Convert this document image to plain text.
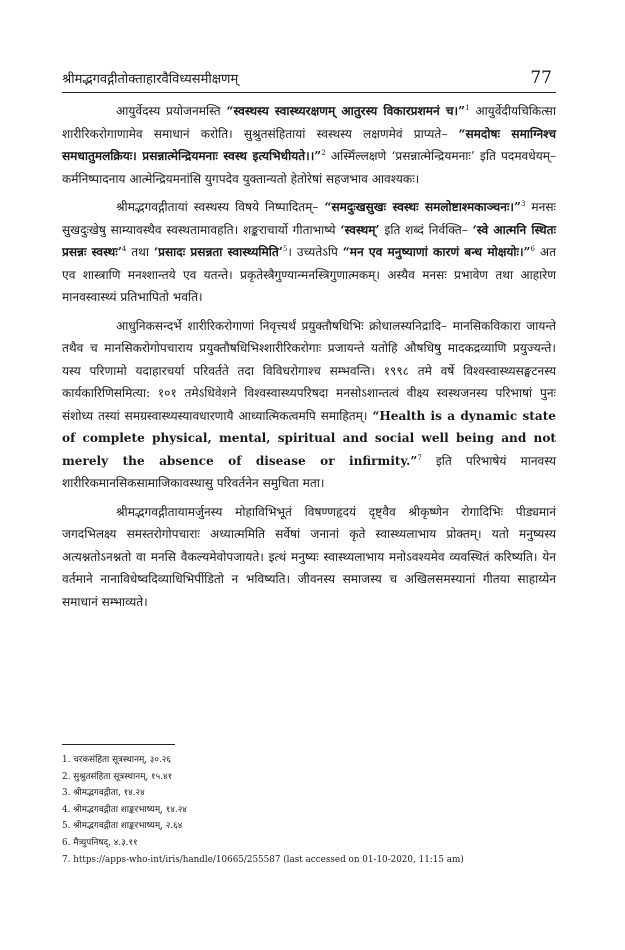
श्रीमद्भगवद्गीतोक्ताहारवैविध्यसमीक्षणम्	77

आयुर्वेदस्य प्रयोजनमस्ति “स्वस्थस्य स्वास्थ्यरक्षणम् आतुरस्य विकारप्रशमनं च।”$^1$ आयुर्वेदीयचिकित्सा शारीरिकरोगाणामेव समाधानं करोति। सुश्रुतसंहितायां स्वस्थस्य लक्षणमेवं प्राप्यते– “समदोषः समाग्निश्च समधातुमलक्रियः। प्रसन्नात्मेन्द्रियमनाः स्वस्थ इत्यभिधीयते।।”$^2$ अस्मिँल्लक्षणे ‘प्रसन्नात्मेन्द्रियमनाः’ इति पदमवधेयम्– कर्मनिष्पादनाय आत्मेन्द्रियमनांसि युगपदेव युक्तान्यतो हेतोरेषां सहजभाव आवश्यकः।

श्रीमद्भगवद्गीतायां स्वस्थस्य विषये निष्पादितम्– “समदुःखसुखः स्वस्थः समलोष्टाश्मकाञ्चनः।”$^3$ मनसः सुखदुःखेषु साम्यावस्थैव स्वस्थतामावहति। शङ्कराचार्यो गीताभाष्ये ‘स्वस्थम्’ इति शब्दं निर्वक्ति– ‘स्वे आत्मनि स्थितः प्रसन्नः स्वस्थः’$^4$ तथा ‘प्रसादः प्रसन्नता स्वास्थ्यमिति’$^5$। उच्यतेऽपि “मन एव मनुष्याणां कारणं बन्ध मोक्षयोः।”$^6$ अत एव शास्त्राणि मनश्शान्तये एव यतन्ते। प्रकृतेस्त्रैगुण्यान्मनस्त्रिगुणात्मकम्। अस्यैव मनसः प्रभावेण तथा आहारेण मानवस्वास्थ्यं प्रतिभापितो भवति।

आधुनिकसन्दर्भे शारीरिकरोगाणां निवृत्त्यर्थं प्रयुक्तौषधिभिः क्रोधालस्यनिद्रादि– मानसिकविकारा जायन्ते तथैव च मानसिकरोगोपचाराय प्रयुक्तौषधिभिश्शारीरिकरोगाः प्रजायन्ते यतोहि औषधिषु मादकद्रव्याणि प्रयुज्यन्ते। यस्य परिणामो यदाहारचर्या परिवर्तते तदा विविधरोगाश्च सम्भवन्ति। १९९८ तमे वर्षे विश्वस्वास्थ्यसङ्घटनस्य कार्यकारिणिसमित्या: १०१ तमेऽधिवेशने विश्वस्वास्थ्यपरिषदा मनसोऽशान्तत्वं वीक्ष्य स्वस्थजनस्य परिभाषां पुनः संशोध्य तस्यां समग्रस्वास्थ्यस्यावधारणायै आध्यात्मिकत्वमपि समाहितम्। “Health is a dynamic state of complete physical, mental, spiritual and social well being and not merely the absence of disease or infirmity.”$^7$ इति परिभाषेयं मानवस्य शारीरिकमानसिकसामाजिकावस्थासु परिवर्तनेन समुचिता मता।

श्रीमद्भगवद्गीतायामर्जुनस्य मोहाविभिभूतं विषण्णहृदयं दृष्ट्वैव श्रीकृष्णेन रोगादिभिः पीड्यमानं जगदभिलक्ष्य समस्तरोगोपचाराः अध्यात्ममिति सर्वेषां जनानां कृते स्वास्थ्यलाभाय प्रोक्तम्। यतो मनुष्यस्य अत्यश्नतोऽनश्नतो वा मनसि वैकल्यमेवोपजायते। इत्थं मनुष्यः स्वास्थ्यलाभाय मनोऽवश्यमेव व्यवस्थितं करिष्यति। येन वर्तमाने नानाविधेष्वदिव्याधिभिर्पीडितो न भविष्यति। जीवनस्य समाजस्य च अखिलसमस्यानां गीतया साहाय्येन समाधानं सम्भाव्यते।

1. चरकसंहिता सूत्रस्थानम्, ३०.२६
2. सुश्रुतसंहिता सूत्रस्थानम्, १५.४१
3. श्रीमद्भगवद्गीता, १४.२४
4. श्रीमद्भगवद्गीता शाङ्करभाष्यम्, १४.२४
5. श्रीमद्भगवद्गीता शाङ्करभाष्यम्, २.६४
6. मैत्र्युपनिषद्, ४.३.११
7. https://apps-who-int/iris/handle/10665/255587 (last accessed on 01-10-2020, 11:15 am)
